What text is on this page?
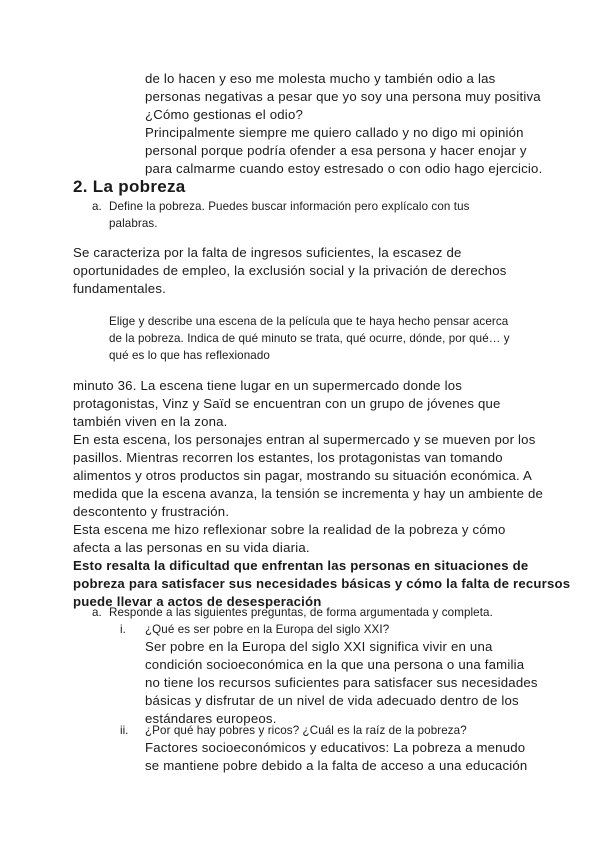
de lo hacen y eso me molesta mucho y también odio a las
personas negativas a pesar que yo soy una persona muy positiva
¿Cómo gestionas el odio?
Principalmente siempre me quiero callado y no digo mi opinión
personal porque podría ofender a esa persona y hacer enojar y
para calmarme cuando estoy estresado o con odio hago ejercicio.
2. La pobreza
a. Define la pobreza. Puedes buscar información pero explícalo con tus
palabras.
Se caracteriza por la falta de ingresos suficientes, la escasez de
oportunidades de empleo, la exclusión social y la privación de derechos
fundamentales.
Elige y describe una escena de la película que te haya hecho pensar acerca
de la pobreza. Indica de qué minuto se trata, qué ocurre, dónde, por qué… y
qué es lo que has reflexionado
minuto 36. La escena tiene lugar en un supermercado donde los
protagonistas, Vinz y Saïd se encuentran con un grupo de jóvenes que
también viven en la zona.
En esta escena, los personajes entran al supermercado y se mueven por los
pasillos. Mientras recorren los estantes, los protagonistas van tomando
alimentos y otros productos sin pagar, mostrando su situación económica. A
medida que la escena avanza, la tensión se incrementa y hay un ambiente de
descontento y frustración.
Esta escena me hizo reflexionar sobre la realidad de la pobreza y cómo
afecta a las personas en su vida diaria.
Esto resalta la dificultad que enfrentan las personas en situaciones de
pobreza para satisfacer sus necesidades básicas y cómo la falta de recursos
puede llevar a actos de desesperación
a. Responde a las siguientes preguntas, de forma argumentada y completa.
i. ¿Qué es ser pobre en la Europa del siglo XXI?
Ser pobre en la Europa del siglo XXI significa vivir en una
condición socioeconómica en la que una persona o una familia
no tiene los recursos suficientes para satisfacer sus necesidades
básicas y disfrutar de un nivel de vida adecuado dentro de los
estándares europeos.
ii. ¿Por qué hay pobres y ricos? ¿Cuál es la raíz de la pobreza?
Factores socioeconómicos y educativos: La pobreza a menudo
se mantiene pobre debido a la falta de acceso a una educación
